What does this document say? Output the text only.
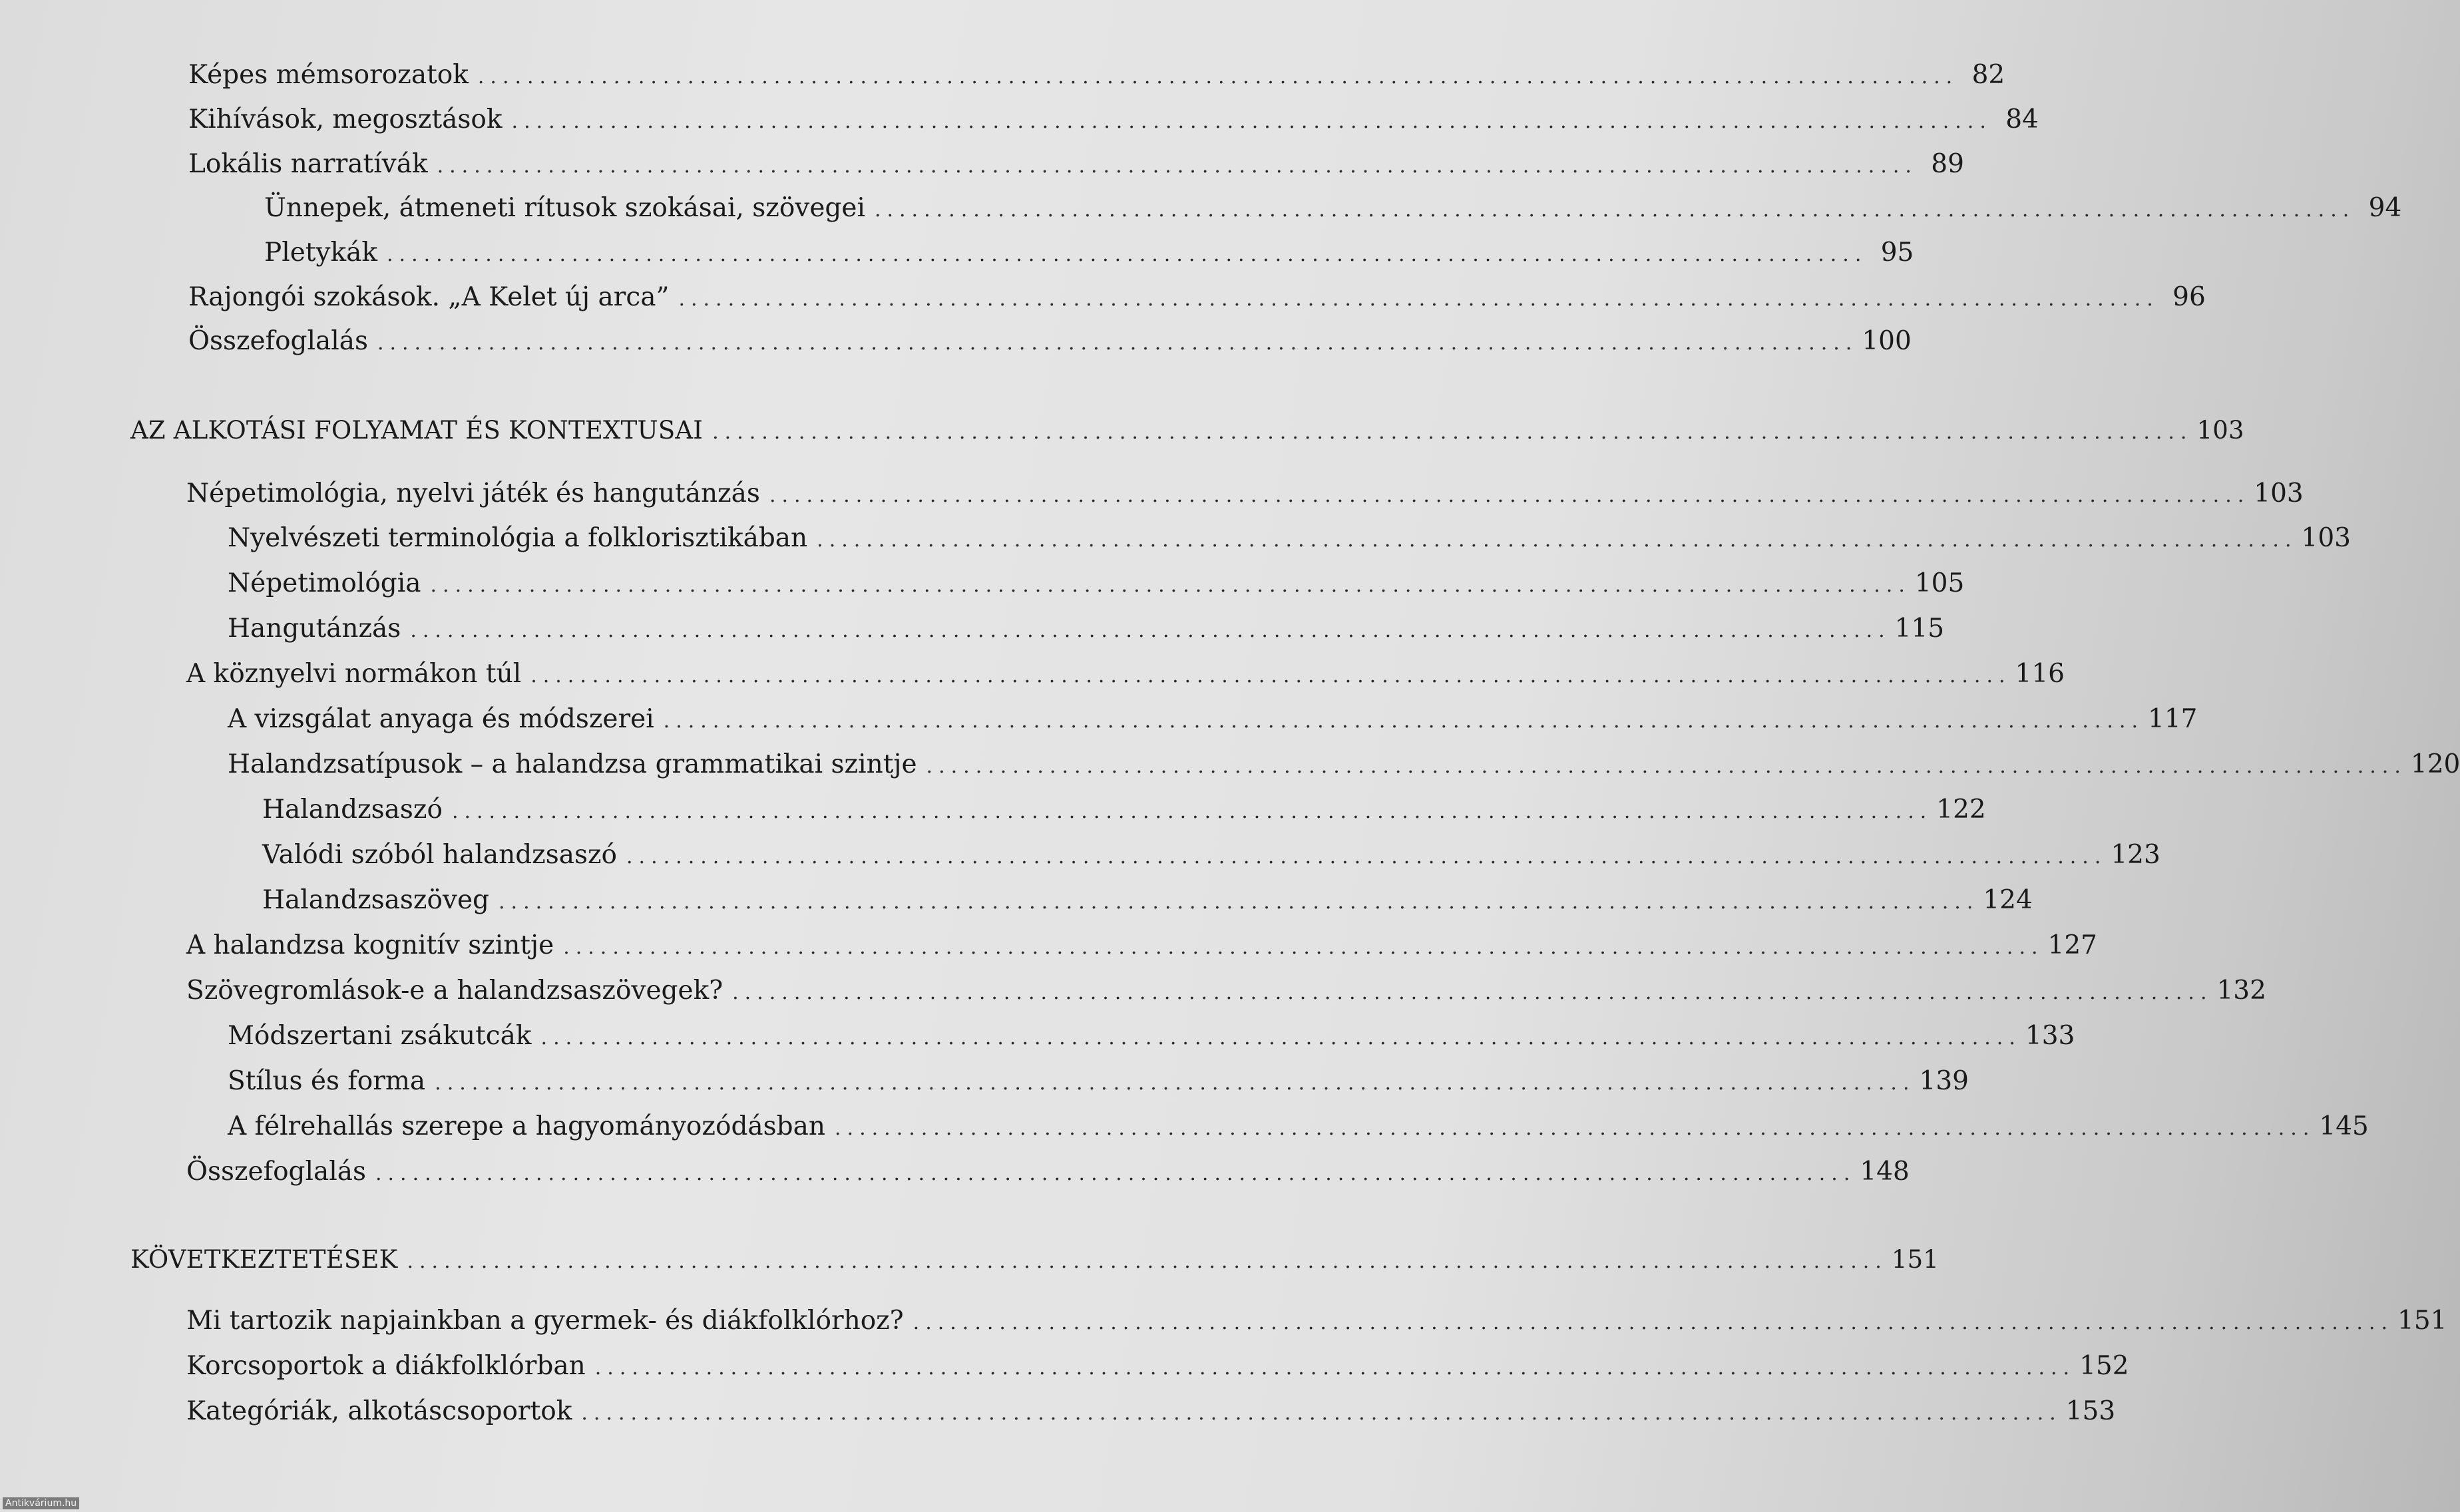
Képes mémsorozatok ........................................................................................................................ 82
Kihívások, megosztások ........................................................................................................................ 84
Lokális narratívák ........................................................................................................................ 89
Ünnepek, átmeneti rítusok szokásai, szövegei ........................................................................................................................ 94
Pletykák ........................................................................................................................ 95
Rajongói szokások. „A Kelet új arca” ........................................................................................................................ 96
Összefoglalás ........................................................................................................................ 100
AZ ALKOTÁSI FOLYAMAT ÉS KONTEXTUSAI ........................................................................................................................ 103
Népetimológia, nyelvi játék és hangutánzás ........................................................................................................................ 103
Nyelvészeti terminológia a folklorisztikában ........................................................................................................................ 103
Népetimológia ........................................................................................................................ 105
Hangutánzás ........................................................................................................................ 115
A köznyelvi normákon túl ........................................................................................................................ 116
A vizsgálat anyaga és módszerei ........................................................................................................................ 117
Halandzsatípusok – a halandzsa grammatikai szintje ........................................................................................................................ 120
Halandzsaszó ........................................................................................................................ 122
Valódi szóból halandzsaszó ........................................................................................................................ 123
Halandzsaszöveg ........................................................................................................................ 124
A halandzsa kognitív szintje ........................................................................................................................ 127
Szövegromlások-e a halandzsaszövegek? ........................................................................................................................ 132
Módszertani zsákutcák ........................................................................................................................ 133
Stílus és forma ........................................................................................................................ 139
A félrehallás szerepe a hagyományozódásban ........................................................................................................................ 145
Összefoglalás ........................................................................................................................ 148
KÖVETKEZTETÉSEK ........................................................................................................................ 151
Mi tartozik napjainkban a gyermek- és diákfolklórhoz? ........................................................................................................................ 151
Korcsoportok a diákfolklórban ........................................................................................................................ 152
Kategóriák, alkotáscsoportok ........................................................................................................................ 153
Antikvárium.hu
